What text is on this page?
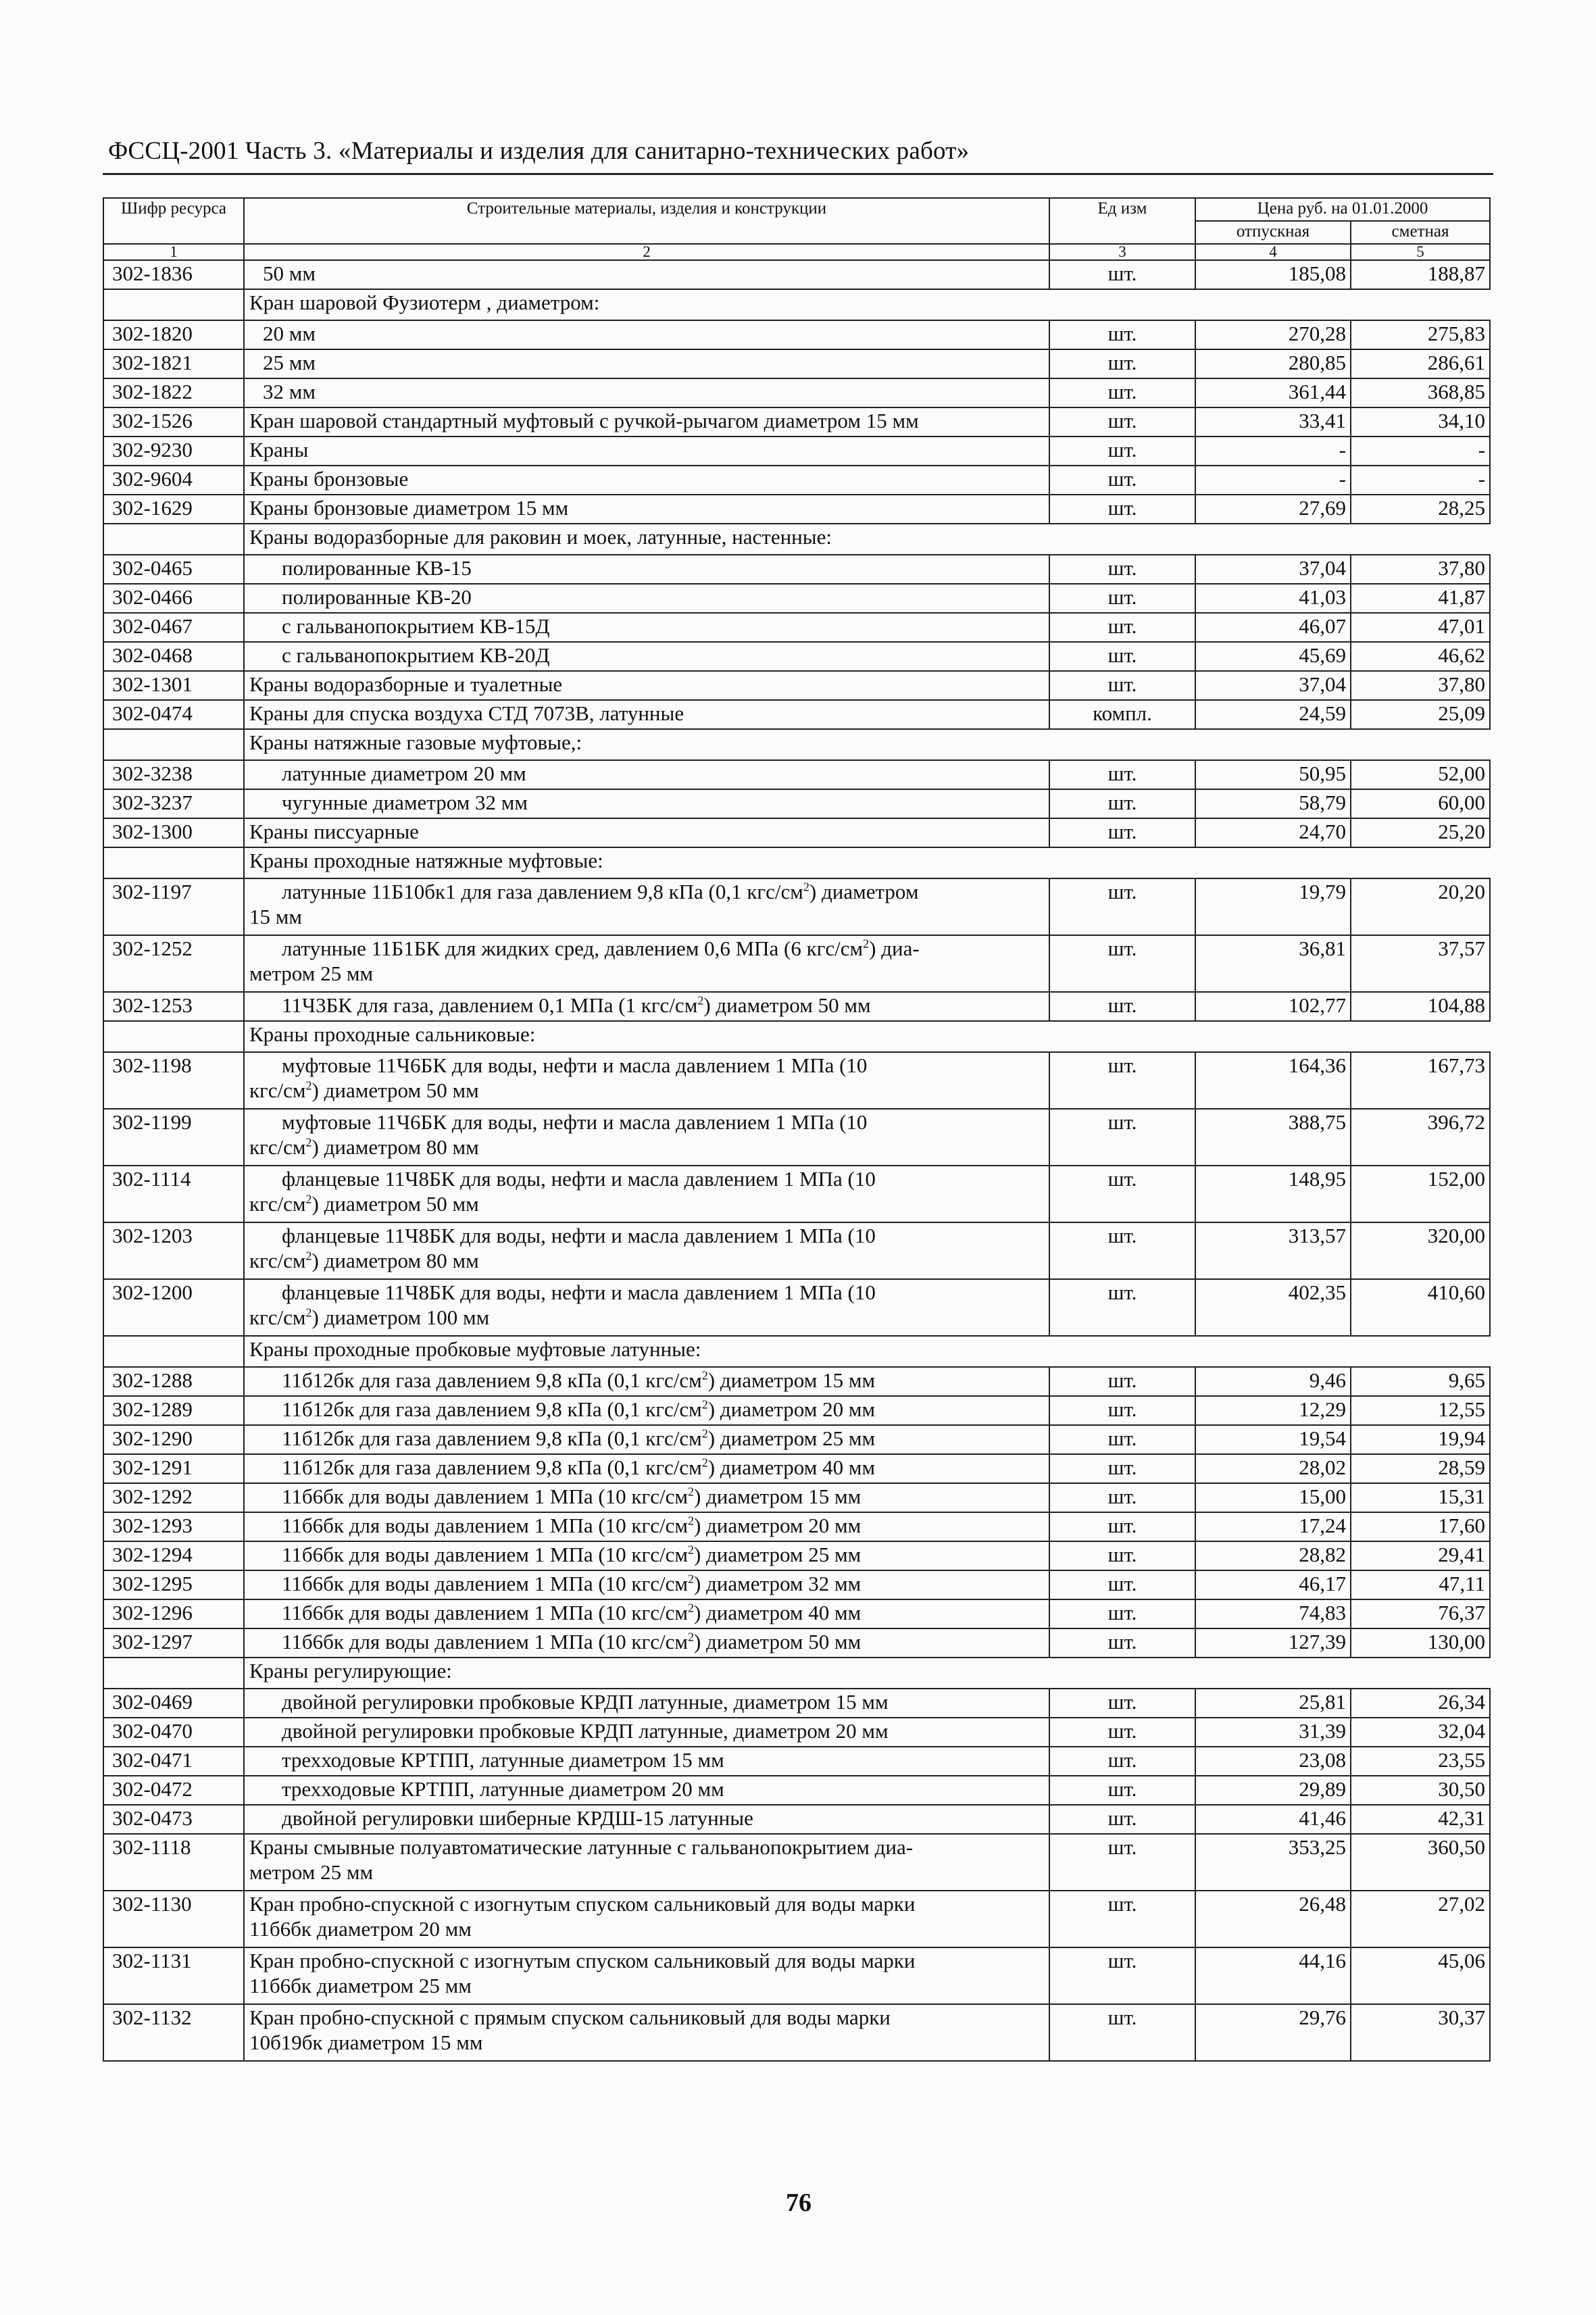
ФССЦ-2001 Часть 3. «Материалы и изделия для санитарно-технических работ»
Шифр ресурса	Строительные материалы, изделия и конструкции	Ед изм	Цена руб. на 01.01.2000	
			отпускная	сметная
1	2	3	4	5
302-1836	50 мм	шт.	185,08	188,87
	Кран шаровой Фузиотерм , диаметром:			
302-1820	20 мм	шт.	270,28	275,83
302-1821	25 мм	шт.	280,85	286,61
302-1822	32 мм	шт.	361,44	368,85
302-1526	Кран шаровой стандартный муфтовый с ручкой-рычагом диаметром 15 мм	шт.	33,41	34,10
302-9230	Краны	шт.	-	-
302-9604	Краны бронзовые	шт.	-	-
302-1629	Краны бронзовые диаметром 15 мм	шт.	27,69	28,25
	Краны водоразборные для раковин и моек, латунные, настенные:			
302-0465	полированные КВ-15	шт.	37,04	37,80
302-0466	полированные КВ-20	шт.	41,03	41,87
302-0467	с гальванопокрытием КВ-15Д	шт.	46,07	47,01
302-0468	с гальванопокрытием КВ-20Д	шт.	45,69	46,62
302-1301	Краны водоразборные и туалетные	шт.	37,04	37,80
302-0474	Краны для спуска воздуха СТД 7073В, латунные	компл.	24,59	25,09
	Краны натяжные газовые муфтовые,:			
302-3238	латунные диаметром 20 мм	шт.	50,95	52,00
302-3237	чугунные диаметром 32 мм	шт.	58,79	60,00
302-1300	Краны писсуарные	шт.	24,70	25,20
	Краны проходные натяжные муфтовые:			
302-1197	латунные 11Б10бк1 для газа давлением 9,8 кПа (0,1 кгс/$см^2$) диаметром
15 мм	шт.	19,79	20,20
302-1252	латунные 11Б1БК для жидких сред, давлением 0,6 МПа (6 кгс/$см^2$) диа-
метром 25 мм	шт.	36,81	37,57
302-1253	11Ч3БК для газа, давлением 0,1 МПа (1 кгс/$см^2$) диаметром 50 мм	шт.	102,77	104,88
	Краны проходные сальниковые:			
302-1198	муфтовые 11Ч6БК для воды, нефти и масла давлением 1 МПа (10
кгс/$см^2$) диаметром 50 мм	шт.	164,36	167,73
302-1199	муфтовые 11Ч6БК для воды, нефти и масла давлением 1 МПа (10
кгс/$см^2$) диаметром 80 мм	шт.	388,75	396,72
302-1114	фланцевые 11Ч8БК для воды, нефти и масла давлением 1 МПа (10
кгс/$см^2$) диаметром 50 мм	шт.	148,95	152,00
302-1203	фланцевые 11Ч8БК для воды, нефти и масла давлением 1 МПа (10
кгс/$см^2$) диаметром 80 мм	шт.	313,57	320,00
302-1200	фланцевые 11Ч8БК для воды, нефти и масла давлением 1 МПа (10
кгс/$см^2$) диаметром 100 мм	шт.	402,35	410,60
	Краны проходные пробковые муфтовые латунные:			
302-1288	11б12бк для газа давлением 9,8 кПа (0,1 кгс/$см^2$) диаметром 15 мм	шт.	9,46	9,65
302-1289	11б12бк для газа давлением 9,8 кПа (0,1 кгс/$см^2$) диаметром 20 мм	шт.	12,29	12,55
302-1290	11б12бк для газа давлением 9,8 кПа (0,1 кгс/$см^2$) диаметром 25 мм	шт.	19,54	19,94
302-1291	11б12бк для газа давлением 9,8 кПа (0,1 кгс/$см^2$) диаметром 40 мм	шт.	28,02	28,59
302-1292	11б6бк для воды давлением 1 МПа (10 кгс/$см^2$) диаметром 15 мм	шт.	15,00	15,31
302-1293	11б6бк для воды давлением 1 МПа (10 кгс/$см^2$) диаметром 20 мм	шт.	17,24	17,60
302-1294	11б6бк для воды давлением 1 МПа (10 кгс/$см^2$) диаметром 25 мм	шт.	28,82	29,41
302-1295	11б6бк для воды давлением 1 МПа (10 кгс/$см^2$) диаметром 32 мм	шт.	46,17	47,11
302-1296	11б6бк для воды давлением 1 МПа (10 кгс/$см^2$) диаметром 40 мм	шт.	74,83	76,37
302-1297	11б6бк для воды давлением 1 МПа (10 кгс/$см^2$) диаметром 50 мм	шт.	127,39	130,00
	Краны регулирующие:			
302-0469	двойной регулировки пробковые КРДП латунные, диаметром 15 мм	шт.	25,81	26,34
302-0470	двойной регулировки пробковые КРДП латунные, диаметром 20 мм	шт.	31,39	32,04
302-0471	трехходовые КРТПП, латунные диаметром 15 мм	шт.	23,08	23,55
302-0472	трехходовые КРТПП, латунные диаметром 20 мм	шт.	29,89	30,50
302-0473	двойной регулировки шиберные КРДШ-15 латунные	шт.	41,46	42,31
302-1118	Краны смывные полуавтоматические латунные с гальванопокрытием диа-
метром 25 мм	шт.	353,25	360,50
302-1130	Кран пробно-спускной с изогнутым спуском сальниковый для воды марки
11б6бк диаметром 20 мм	шт.	26,48	27,02
302-1131	Кран пробно-спускной с изогнутым спуском сальниковый для воды марки
11б6бк диаметром 25 мм	шт.	44,16	45,06
302-1132	Кран пробно-спускной с прямым спуском сальниковый для воды марки
10б19бк диаметром 15 мм	шт.	29,76	30,37
76
